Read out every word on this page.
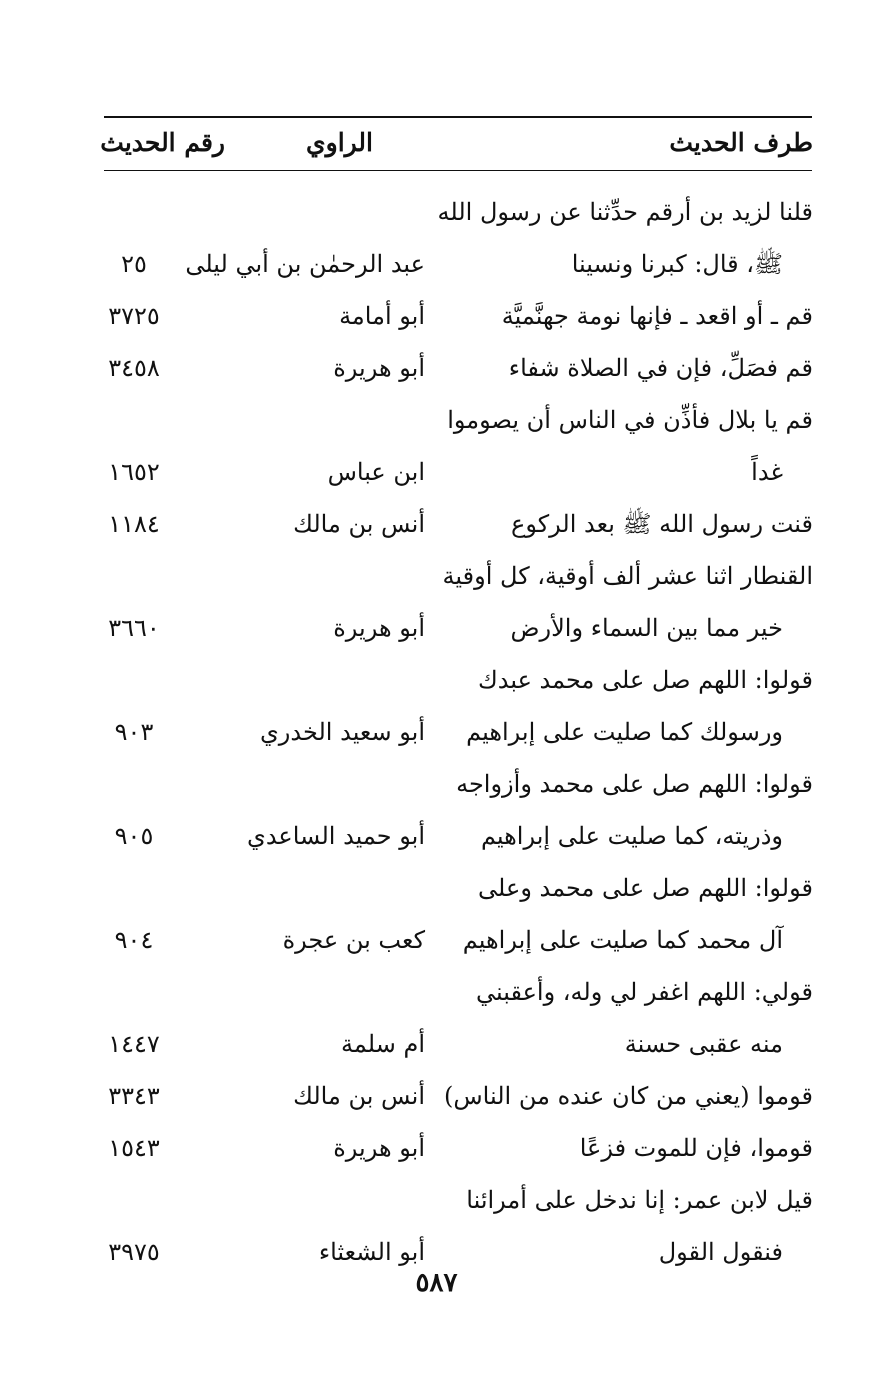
طرف الحديث
الراوي
رقم الحديث
قلنا لزيد بن أرقم حدِّثنا عن رسول الله
ﷺ، قال: كبرنا ونسينا
عبد الرحمٰن بن أبي ليلى
٢٥
قم ـ أو اقعد ـ فإنها نومة جهنَّميَّة
أبو أمامة
٣٧٢٥
قم فصَلِّ، فإن في الصلاة شفاء
أبو هريرة
٣٤٥٨
قم يا بلال فأذِّن في الناس أن يصوموا
غداً
ابن عباس
١٦٥٢
قنت رسول الله ﷺ بعد الركوع
أنس بن مالك
١١٨٤
القنطار اثنا عشر ألف أوقية، كل أوقية
خير مما بين السماء والأرض
أبو هريرة
٣٦٦٠
قولوا: اللهم صل على محمد عبدك
ورسولك كما صليت على إبراهيم
أبو سعيد الخدري
٩٠٣
قولوا: اللهم صل على محمد وأزواجه
وذريته، كما صليت على إبراهيم
أبو حميد الساعدي
٩٠٥
قولوا: اللهم صل على محمد وعلى
آل محمد كما صليت على إبراهيم
كعب بن عجرة
٩٠٤
قولي: اللهم اغفر لي وله، وأعقبني
منه عقبى حسنة
أم سلمة
١٤٤٧
قوموا (يعني من كان عنده من الناس)
أنس بن مالك
٣٣٤٣
قوموا، فإن للموت فزعًا
أبو هريرة
١٥٤٣
قيل لابن عمر: إنا ندخل على أمرائنا
فنقول القول
أبو الشعثاء
٣٩٧٥
٥٨٧
